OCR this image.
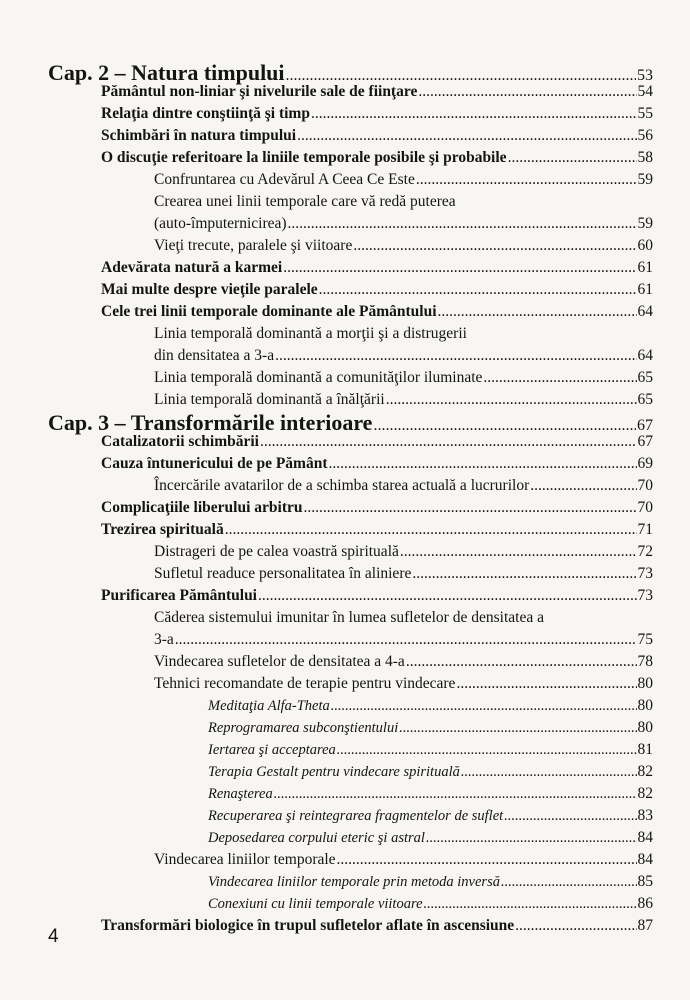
Cap. 2 – Natura timpului .....	53
Pământul non-liniar şi nivelurile sale de fiinţare .....	54
Relaţia dintre conştiinţă şi timp .....	55
Schimbări în natura timpului .....	56
O discuţie referitoare la liniile temporale posibile şi probabile .....	58
Confruntarea cu Adevărul A Ceea Ce Este .....	59
Crearea unei linii temporale care vă redă puterea
(auto-împuternicirea) .....	59
Vieţi trecute, paralele şi viitoare .....	60
Adevărata natură a karmei .....	61
Mai multe despre vieţile paralele .....	61
Cele trei linii temporale dominante ale Pământului .....	64
Linia temporală dominantă a morţii şi a distrugerii
din densitatea a 3-a .....	64
Linia temporală dominantă a comunităţilor iluminate .....	65
Linia temporală dominantă a înălţării .....	65
Cap. 3 – Transformările interioare .....	67
Catalizatorii schimbării .....	67
Cauza întunericului de pe Pământ .....	69
Încercările avatarilor de a schimba starea actuală a lucrurilor .....	70
Complicaţiile liberului arbitru .....	70
Trezirea spirituală .....	71
Distrageri de pe calea voastră spirituală .....	72
Sufletul readuce personalitatea în aliniere .....	73
Purificarea Pământului .....	73
Căderea sistemului imunitar în lumea sufletelor de densitatea a
3-a .....	75
Vindecarea sufletelor de densitatea a 4-a .....	78
Tehnici recomandate de terapie pentru vindecare .....	80
Meditaţia Alfa-Theta .....	80
Reprogramarea subconştientului .....	80
Iertarea şi acceptarea .....	81
Terapia Gestalt pentru vindecare spirituală .....	82
Renaşterea .....	82
Recuperarea şi reintegrarea fragmentelor de suflet .....	83
Deposedarea corpului eteric şi astral .....	84
Vindecarea liniilor temporale .....	84
Vindecarea liniilor temporale prin metoda inversă .....	85
Conexiuni cu linii temporale viitoare .....	86
Transformări biologice în trupul sufletelor aflate în ascensiune .....	87
4
